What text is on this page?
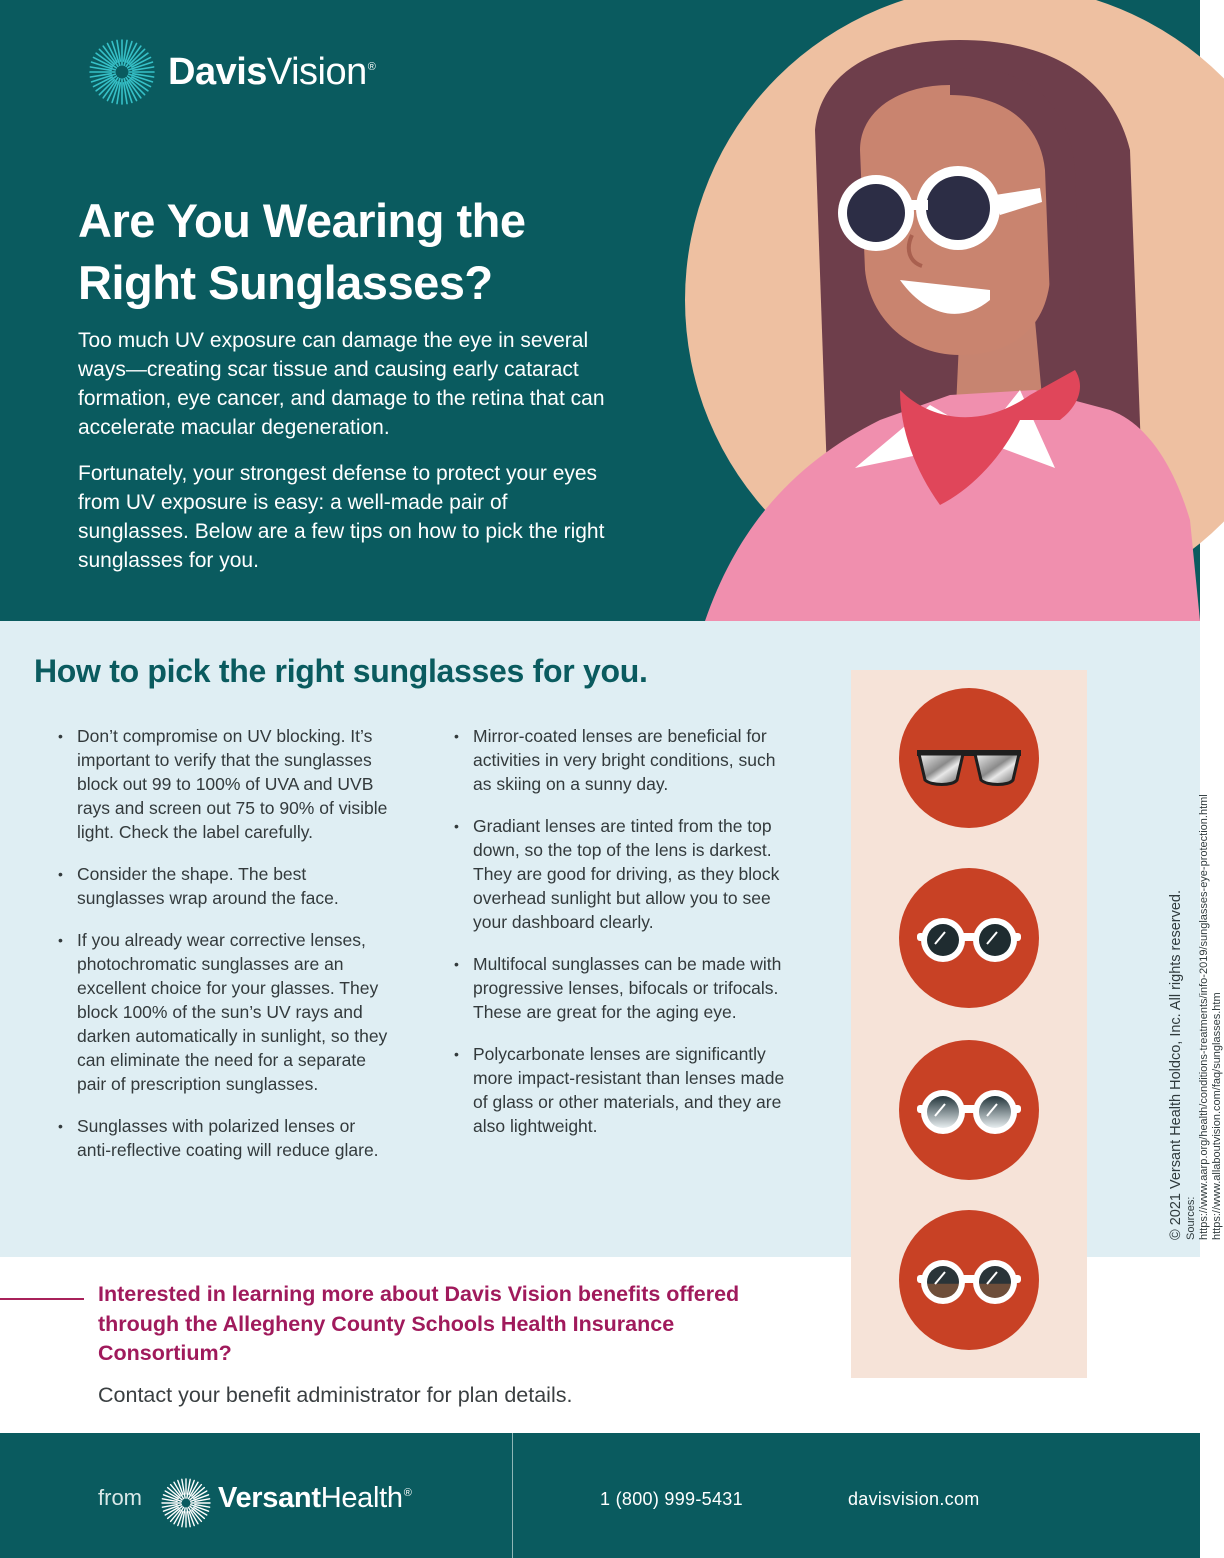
DavisVision®
Are You Wearing the Right Sunglasses?

Too much UV exposure can damage the eye in several ways—creating scar tissue and causing early cataract formation, eye cancer, and damage to the retina that can accelerate macular degeneration.

Fortunately, your strongest defense to protect your eyes from UV exposure is easy: a well-made pair of sunglasses. Below are a few tips on how to pick the right sunglasses for you.

How to pick the right sunglasses for you.
• Don’t compromise on UV blocking. It’s important to verify that the sunglasses block out 99 to 100% of UVA and UVB rays and screen out 75 to 90% of visible light. Check the label carefully.
• Consider the shape. The best sunglasses wrap around the face.
• If you already wear corrective lenses, photochromatic sunglasses are an excellent choice for your glasses. They block 100% of the sun’s UV rays and darken automatically in sunlight, so they can eliminate the need for a separate pair of prescription sunglasses.
• Sunglasses with polarized lenses or anti-reflective coating will reduce glare.
• Mirror-coated lenses are beneficial for activities in very bright conditions, such as skiing on a sunny day.
• Gradiant lenses are tinted from the top down, so the top of the lens is darkest. They are good for driving, as they block overhead sunlight but allow you to see your dashboard clearly.
• Multifocal sunglasses can be made with progressive lenses, bifocals or trifocals. These are great for the aging eye.
• Polycarbonate lenses are significantly more impact-resistant than lenses made of glass or other materials, and they are also lightweight.	© 2021 Versant Health Holdco, Inc. All rights reserved. Sources: https://www.aarp.org/health/conditions-treatments/info-2019/sunglasses-eye-protection.html https://www.allaboutvision.com/faq/sunglasses.htm
Interested in learning more about Davis Vision benefits offered through the Allegheny County Schools Health Insurance Consortium?

Contact your benefit administrator for plan details.

from	VersantHealth®	1 (800) 999-5431	davisvision.com
